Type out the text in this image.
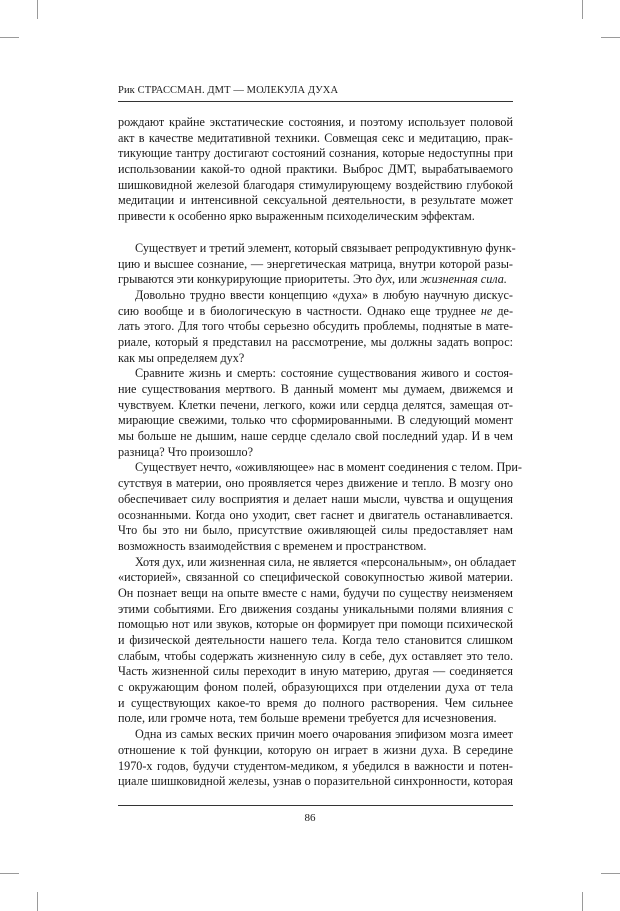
Рик СТРАССМАН. ДМТ — МОЛЕКУЛА ДУХА
рождают крайне экстатические состояния, и поэтому использует половой
акт в качестве медитативной техники. Совмещая секс и медитацию, прак-
тикующие тантру достигают состояний сознания, которые недоступны при
использовании какой-то одной практики. Выброс ДМТ, вырабатываемого
шишковидной железой благодаря стимулирующему воздействию глубокой
медитации и интенсивной сексуальной деятельности, в результате может
привести к особенно ярко выраженным психоделическим эффектам.
Существует и третий элемент, который связывает репродуктивную функ-
цию и высшее сознание, — энергетическая матрица, внутри которой разы-
грываются эти конкурирующие приоритеты. Это дух, или жизненная сила.
Довольно трудно ввести концепцию «духа» в любую научную дискус-
сию вообще и в биологическую в частности. Однако еще труднее не де-
лать этого. Для того чтобы серьезно обсудить проблемы, поднятые в мате-
риале, который я представил на рассмотрение, мы должны задать вопрос:
как мы определяем дух?
Сравните жизнь и смерть: состояние существования живого и состоя-
ние существования мертвого. В данный момент мы думаем, движемся и
чувствуем. Клетки печени, легкого, кожи или сердца делятся, замещая от-
мирающие свежими, только что сформированными. В следующий момент
мы больше не дышим, наше сердце сделало свой последний удар. И в чем
разница? Что произошло?
Существует нечто, «оживляющее» нас в момент соединения с телом. При-
сутствуя в материи, оно проявляется через движение и тепло. В мозгу оно
обеспечивает силу восприятия и делает наши мысли, чувства и ощущения
осознанными. Когда оно уходит, свет гаснет и двигатель останавливается.
Что бы это ни было, присутствие оживляющей силы предоставляет нам
возможность взаимодействия с временем и пространством.
Хотя дух, или жизненная сила, не является «персональным», он обладает
«историей», связанной со специфической совокупностью живой материи.
Он познает вещи на опыте вместе с нами, будучи по существу неизменяем
этими событиями. Его движения созданы уникальными полями влияния с
помощью нот или звуков, которые он формирует при помощи психической
и физической деятельности нашего тела. Когда тело становится слишком
слабым, чтобы содержать жизненную силу в себе, дух оставляет это тело.
Часть жизненной силы переходит в иную материю, другая — соединяется
с окружающим фоном полей, образующихся при отделении духа от тела
и существующих какое-то время до полного растворения. Чем сильнее
поле, или громче нота, тем больше времени требуется для исчезновения.
Одна из самых веских причин моего очарования эпифизом мозга имеет
отношение к той функции, которую он играет в жизни духа. В середине
1970-х годов, будучи студентом-медиком, я убедился в важности и потен-
циале шишковидной железы, узнав о поразительной синхронности, которая
86
